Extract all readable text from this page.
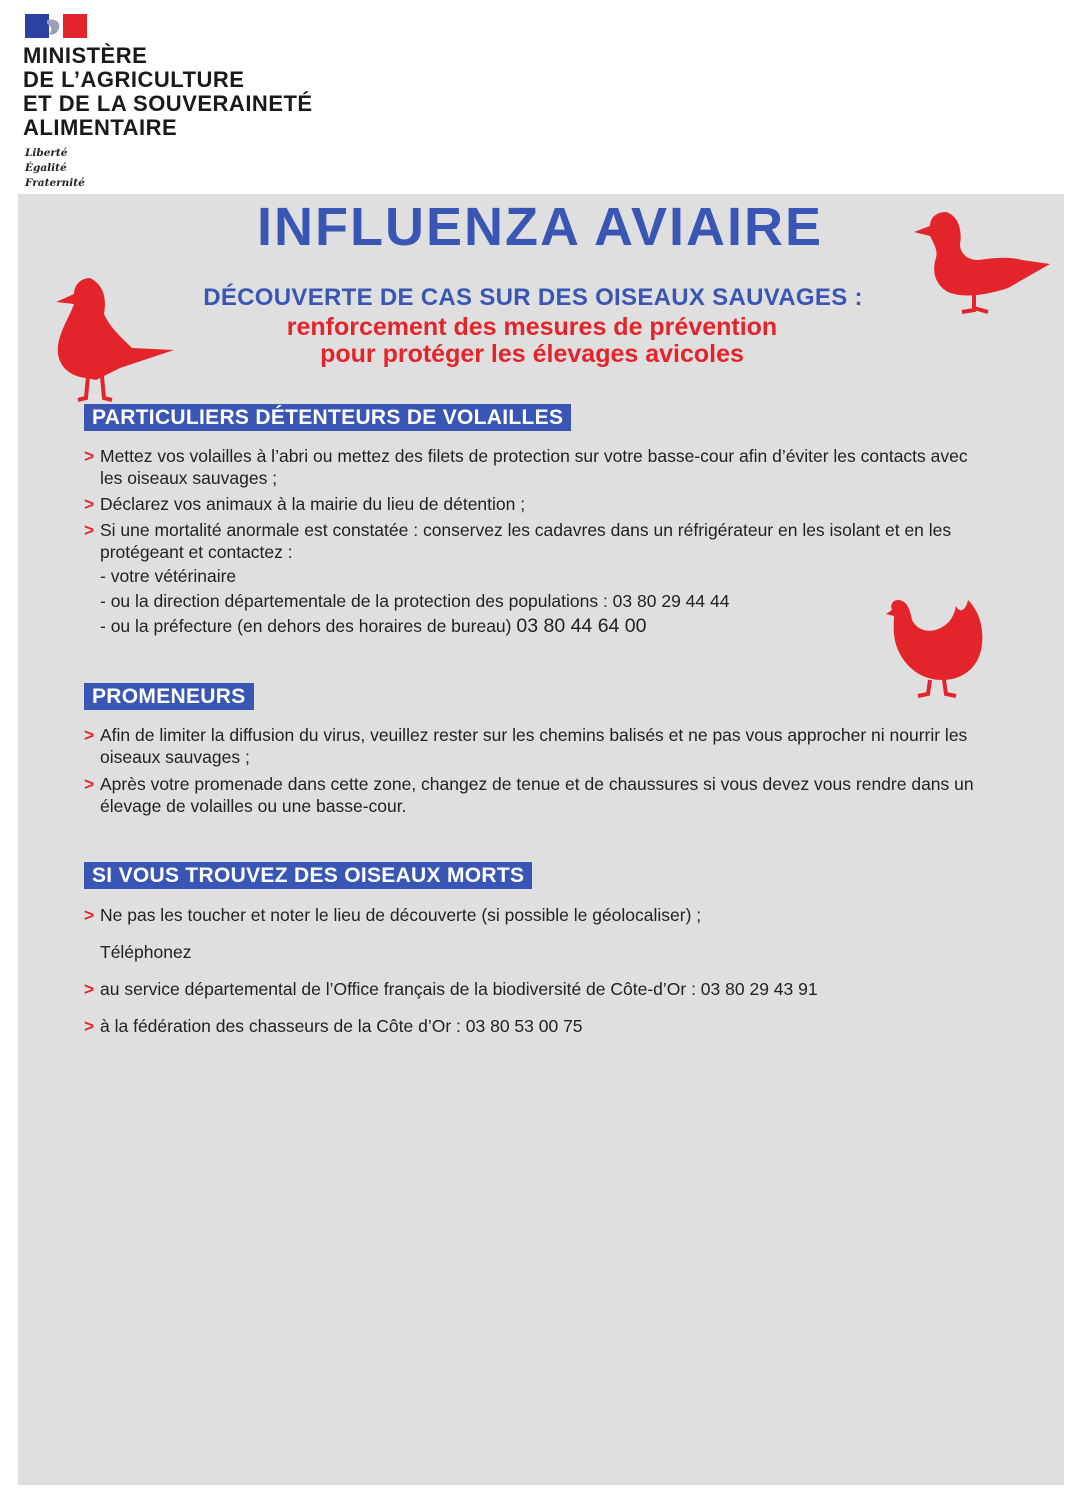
MINISTÈRE
DE L’AGRICULTURE
ET DE LA SOUVERAINETÉ
ALIMENTAIRE
Liberté
Égalité
Fraternité
INFLUENZA AVIAIRE
DÉCOUVERTE DE CAS SUR DES OISEAUX SAUVAGES :
renforcement des mesures de prévention
pour protéger les élevages avicoles
PARTICULIERS DÉTENTEURS DE VOLAILLES
> Mettez vos volailles à l’abri ou mettez des filets de protection sur votre basse-cour afin d’éviter les contacts avec les oiseaux sauvages ;
> Déclarez vos animaux à la mairie du lieu de détention ;
> Si une mortalité anormale est constatée : conservez les cadavres dans un réfrigérateur en les isolant et en les protégeant et contactez :
- votre vétérinaire
- ou la direction départementale de la protection des populations : 03 80 29 44 44
- ou la préfecture (en dehors des horaires de bureau) 03 80 44 64 00
PROMENEURS
> Afin de limiter la diffusion du virus, veuillez rester sur les chemins balisés et ne pas vous approcher ni nourrir les oiseaux sauvages ;
> Après votre promenade dans cette zone, changez de tenue et de chaussures si vous devez vous rendre dans un élevage de volailles ou une basse-cour.
SI VOUS TROUVEZ DES OISEAUX MORTS
> Ne pas les toucher et noter le lieu de découverte (si possible le géolocaliser) ;
Téléphonez
> au service départemental de l’Office français de la biodiversité de Côte-d’Or : 03 80 29 43 91
> à la fédération des chasseurs de la Côte d’Or : 03 80 53 00 75
